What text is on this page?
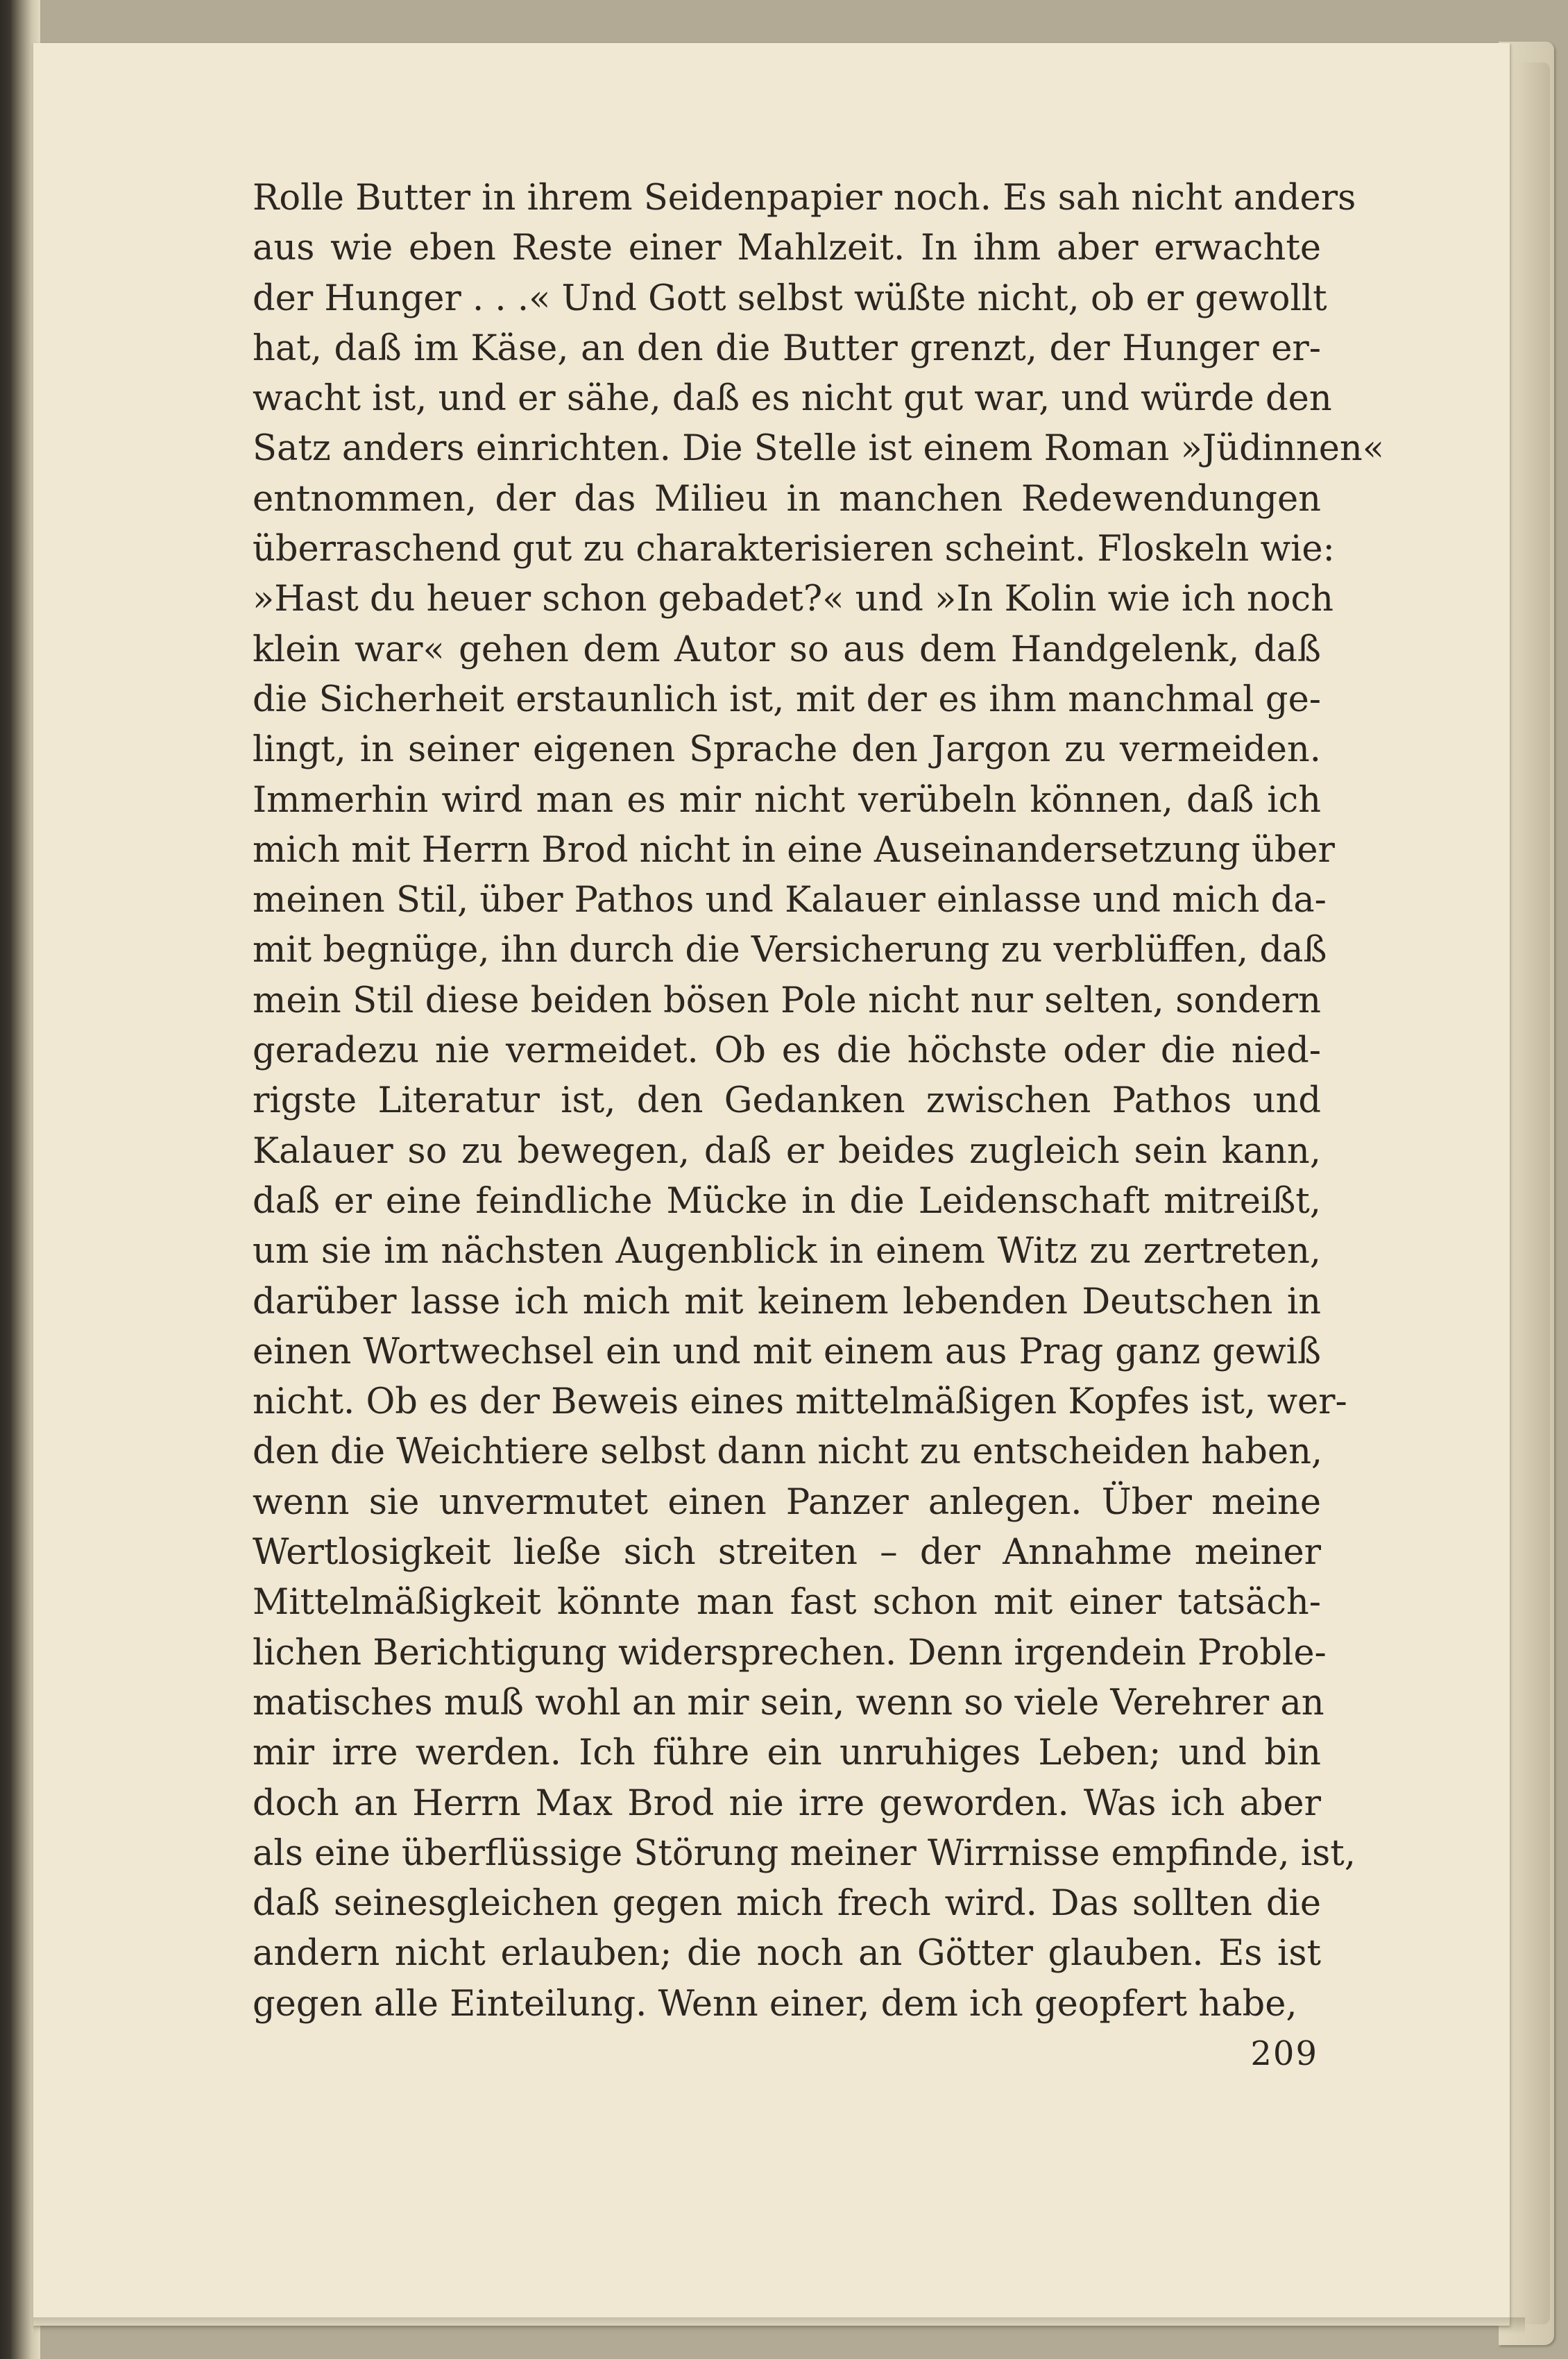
Rolle Butter in ihrem Seidenpapier noch. Es sah nicht anders
aus wie eben Reste einer Mahlzeit. In ihm aber erwachte
der Hunger . . .« Und Gott selbst wüßte nicht, ob er gewollt
hat, daß im Käse, an den die Butter grenzt, der Hunger er-
wacht ist, und er sähe, daß es nicht gut war, und würde den
Satz anders einrichten. Die Stelle ist einem Roman »Jüdinnen«
entnommen, der das Milieu in manchen Redewendungen
überraschend gut zu charakterisieren scheint. Floskeln wie:
»Hast du heuer schon gebadet?« und »In Kolin wie ich noch
klein war« gehen dem Autor so aus dem Handgelenk, daß
die Sicherheit erstaunlich ist, mit der es ihm manchmal ge-
lingt, in seiner eigenen Sprache den Jargon zu vermeiden.
Immerhin wird man es mir nicht verübeln können, daß ich
mich mit Herrn Brod nicht in eine Auseinandersetzung über
meinen Stil, über Pathos und Kalauer einlasse und mich da-
mit begnüge, ihn durch die Versicherung zu verblüffen, daß
mein Stil diese beiden bösen Pole nicht nur selten, sondern
geradezu nie vermeidet. Ob es die höchste oder die nied-
rigste Literatur ist, den Gedanken zwischen Pathos und
Kalauer so zu bewegen, daß er beides zugleich sein kann,
daß er eine feindliche Mücke in die Leidenschaft mitreißt,
um sie im nächsten Augenblick in einem Witz zu zertreten,
darüber lasse ich mich mit keinem lebenden Deutschen in
einen Wortwechsel ein und mit einem aus Prag ganz gewiß
nicht. Ob es der Beweis eines mittelmäßigen Kopfes ist, wer-
den die Weichtiere selbst dann nicht zu entscheiden haben,
wenn sie unvermutet einen Panzer anlegen. Über meine
Wertlosigkeit ließe sich streiten – der Annahme meiner
Mittelmäßigkeit könnte man fast schon mit einer tatsäch-
lichen Berichtigung widersprechen. Denn irgendein Proble-
matisches muß wohl an mir sein, wenn so viele Verehrer an
mir irre werden. Ich führe ein unruhiges Leben; und bin
doch an Herrn Max Brod nie irre geworden. Was ich aber
als eine überflüssige Störung meiner Wirrnisse empfinde, ist,
daß seinesgleichen gegen mich frech wird. Das sollten die
andern nicht erlauben; die noch an Götter glauben. Es ist
gegen alle Einteilung. Wenn einer, dem ich geopfert habe,
209
